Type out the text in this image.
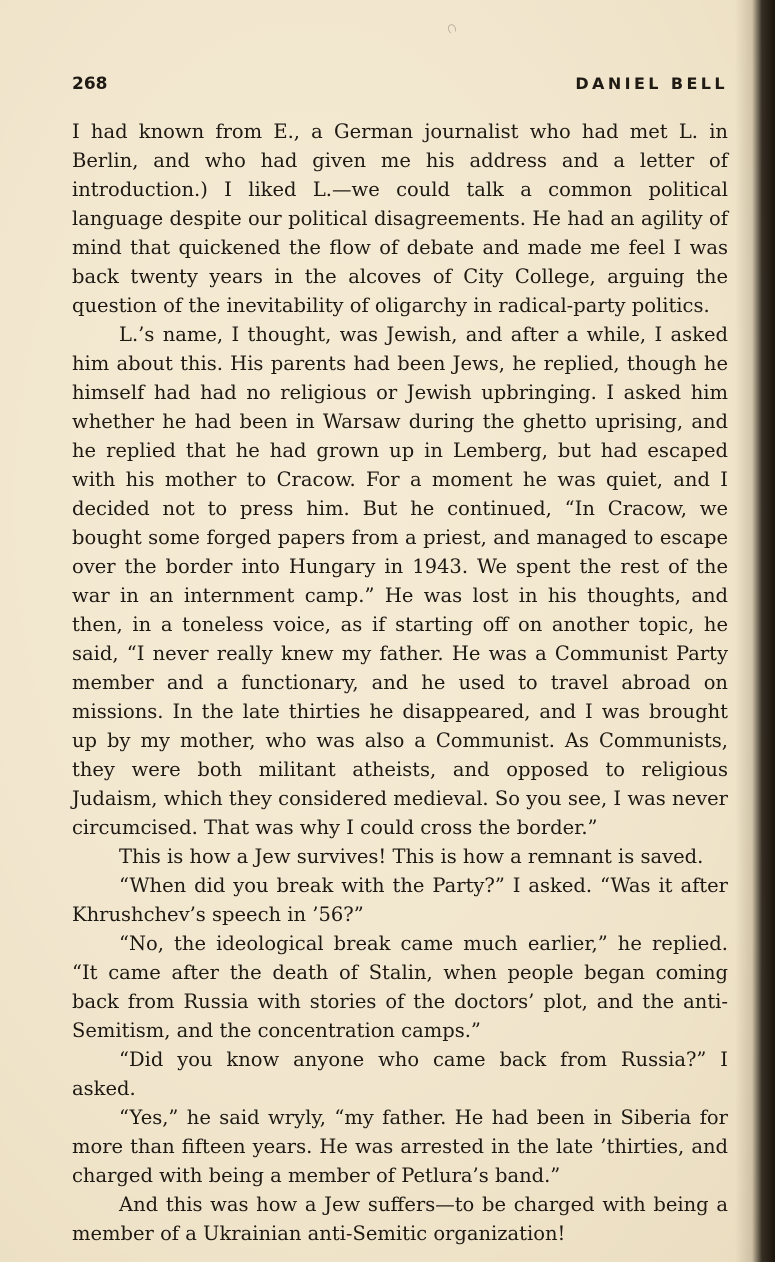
268	DANIEL BELL

I had known from E., a German journalist who had met L. in Berlin, and who had given me his address and a letter of introduction.) I liked L.—we could talk a common political language despite our political disagreements. He had an agility of mind that quickened the flow of debate and made me feel I was back twenty years in the alcoves of City College, arguing the question of the inevitability of oligarchy in radical-party politics.

L.’s name, I thought, was Jewish, and after a while, I asked him about this. His parents had been Jews, he replied, though he himself had had no religious or Jewish upbringing. I asked him whether he had been in Warsaw during the ghetto uprising, and he replied that he had grown up in Lemberg, but had escaped with his mother to Cracow. For a moment he was quiet, and I decided not to press him. But he continued, “In Cracow, we bought some forged papers from a priest, and managed to escape over the border into Hungary in 1943. We spent the rest of the war in an internment camp.” He was lost in his thoughts, and then, in a toneless voice, as if starting off on another topic, he said, “I never really knew my father. He was a Communist Party member and a functionary, and he used to travel abroad on missions. In the late thirties he disappeared, and I was brought up by my mother, who was also a Communist. As Communists, they were both militant atheists, and opposed to religious Judaism, which they considered medieval. So you see, I was never circumcised. That was why I could cross the border.”

This is how a Jew survives! This is how a remnant is saved.

“When did you break with the Party?” I asked. “Was it after Khrushchev’s speech in ’56?”

“No, the ideological break came much earlier,” he replied. “It came after the death of Stalin, when people began coming back from Russia with stories of the doctors’ plot, and the anti-Semitism, and the concentration camps.”

“Did you know anyone who came back from Russia?” I asked.

“Yes,” he said wryly, “my father. He had been in Siberia for more than fifteen years. He was arrested in the late ’thirties, and charged with being a member of Petlura’s band.”

And this was how a Jew suffers—to be charged with being a member of a Ukrainian anti-Semitic organization!
